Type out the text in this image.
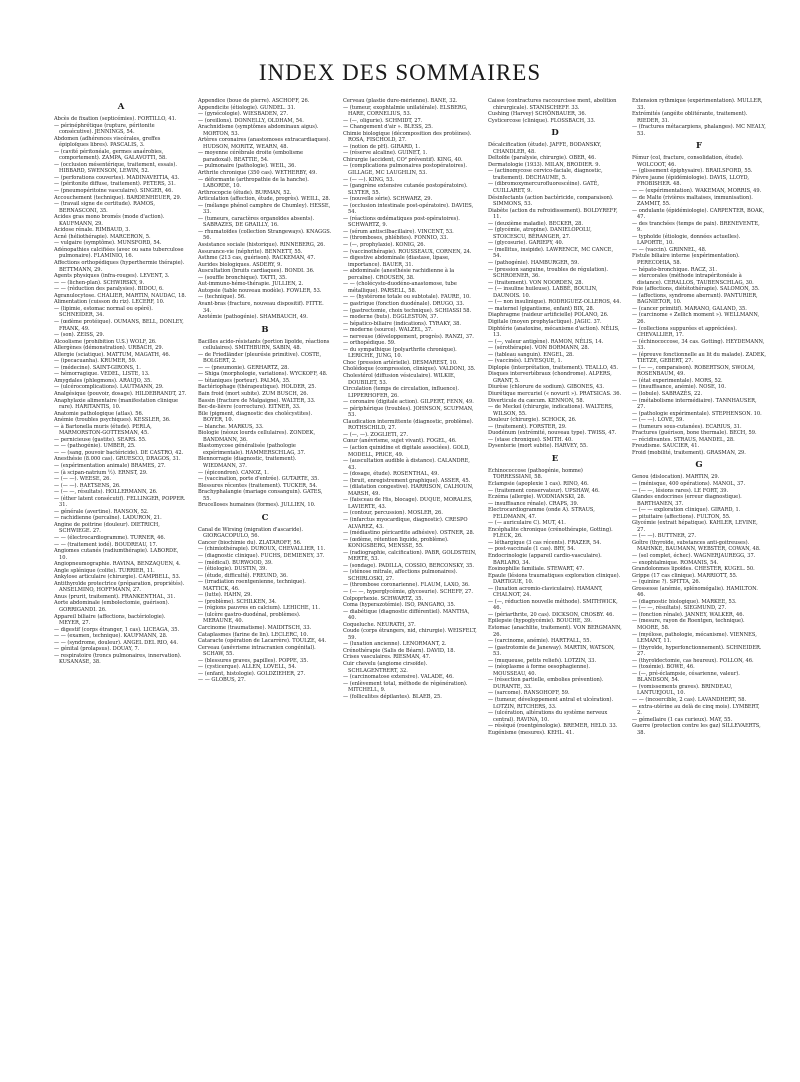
INDEX DES SOMMAIRES
A
Abcès de fixation (septicémies). FORTILLO, 41.
— périnéphrétique (rupture, péritonite consécutive). JENNINGS, 54.
Abdomen (adhérences viscérales, greffes épiploïques libres). PASCALIS, 3.
— (cavité péritonéale, germes anaérobies, comportement). ZAMPA, GALAVOTTI, 58.
— (occlusion mésentérique, traitement, essais). HIBBARD, SWENSON, LEWIN, 52.
— (perforations couvertes). MADINAVEITIA, 43.
— (péritonite diffuse, traitement). PETERS, 31.
— (pneumopéritoine vasculaire). SINGER, 46.
Accouchement (technique). BARDENHEUER, 29.
— (travail signe de certitude). RAMOS, BERNASCONI, 35.
Acides gras mono bromés (mode d'action). KAUFMANN, 29.
Acidose rénale. RIMBAUD, 3.
Acné (héliothérapie). MARCERON, 5.
— vulgaire (symptôme). MUNSFORD, 54.
Adénopathies calcifiées (avec ou sans tuberculose pulmonaire). FLAMINIO, 16.
Affections orthopédiques (hyperthermie thérapie). BETTMANN, 29.
Agents physiques (infra-rouges). LEVENT, 3.
— — (lichen-plan). SCHWIRSKY, 9.
— — (réduction des paralysies). BIDOU, 6.
Agranulocytose. CHALIER, MARTIN, NAUDAC, 18.
Alimentation (cuisson du riz). LECERF, 10.
— (lipimie, estomac normal ou opéré). SCHNEIDER, 34.
— (œdème protéique). OUMANS, BELL, DONLEY, FRANK, 49.
— (son). ZEISS, 29.
Alcoolisme (prohibition U.S.) WOLF, 26.
Allergènes (démonstration). URBACH, 29.
Allergie (sciatique). MATTUM, MAGATH, 46.
— (ipecacuanha). KRUMER, 59.
— (médecine). SAINT-GIRONS, 1.
— hémorragique. VEDEL, LISTE, 13.
Amygdales (phlegmons). ARAUJO, 35.
— (ulcérocomplications). LAUTMANN, 29.
Analgésique (pouvoir, dosage). HILDEBRANDT, 27.
Anaphylaxie alimentaire (manifestation clinique rare). HARITANTIS, 10.
Anatomie pathologique (atlas). 56.
Anémie (troubles psychiques). KESSLER, 36.
— à Bartonella muris (étude). PERLA, MARMORSTON-GOTTESMAN, 45.
— pernicieuse (gastite). SEARS. 55.
— — (pathogénie). UMBER, 25.
— — (sang, pouvoir bactéricide). DE CASTRO, 42.
Anesthésie (8.000 cas). GRUESCO, DRAGOS, 31.
— (expérimentation animale) BRAMES, 27.
— (à scipan-natrium ½). ERNST, 29.
— (— —). WEESE, 26.
— (— —). RAETSENS, 26.
— (— —, résultats). HOLLERMANN, 26.
— (éther latent consécutif). FELLINGER, POPPER. 31.
— générale (avertine). RANSON, 52.
— rachidienne (percaïne). LADURON, 21.
Angine de poitrine (douleur). DIETRICH, SCHWIEGE. 27.
— — (électrocardiogramme). TURNER, 46.
— — (traitement iodé). BOUDREAU, 17.
Angiomes cutanés (radiumthérapie). LABORDE, 10.
Angiopneumographie. RAVINA, BENZAQUEN, 4.
Angle splénique (colite). TURRIER, 11.
Ankylose articulaire (chirurgie). CAMPBELL, 53.
Antithyroïde protectrice (préparation, propriétés). ANSELMINO, HOFFMANN, 27.
Anus (prurit, traitement). FRANKENTHAL, 31.
Aorte abdominale (embolectomie, guérison). GORRIGANDI. 26.
Appareil biliaire (affections, bactériologie). MEYER, 27.
— digestif (corps étranger, 1 cas). LICEAGA, 35.
— — (examen, technique). KAUFMANN, 28.
— — (syndrome, douleur). ANGEL DEL RIO, 44.
— génital (prolapsus). DOUAY, 7.
— respiratoire (troncs pulmonaires, innervation). KUSANASE, 38.
Appendice (boue de pierre). ASCHOFF, 26.
Appendicite (étiologie). GUNDEL. 31.
— (gynécologie). WIESBADEN, 27.
— (oreillons). DONNELLY, OLDHAM, 54.
Arachnidisme (symptômes abdominaux aigus). MORTON, 53.
Artères coronaires (anastomoses extracardiaques). HUDSON, MORITZ, WEARN, 48.
— moyenne cérébrale droite (embolisme paradoxal). BEATTIE, 54.
— pulmonaire (pathologie). WEIL, 36.
Arthrite chronique (350 cas). WETHERBY, 49.
— déformante (arthropathie de la hanche). LABORDE, 10.
Arthrocopcie (étude). BURMAN, 52.
Articulation (affection, étude, progrès). WEILL, 28.
— (mélange phénol camphre de Chumley). HESSE, 33.
— (tumeurs, caractères organoïdes absents). SABRAZES, DE GRAILLY, 16.
— rhumatoïdes (collection Strangeways). KNAGGS. 56.
Assistance sociale (historique). RINNEBERG, 26.
Assurance-vie (néphrite). BENNETT, 55.
Asthme (213 cas, guérison). RACKEMAN, 47.
Aurides biologiques. ASDERY, 9.
Auscultation (bruits cardiaques). BONDI. 36.
— (souffle bronchique). TATTI, 35.
Aut-immuno-hémo-thérapie. JULLIEN, 2.
Autopsie (table nouveau modèle). FOWLER, 53.
— (technique). 56.
Avant-bras (fracture, nouveau dispositif). FITTE. 34.
Azotémie (pathogénie). SHAMBAUCH, 49.
B
Bacilles acido-résistants (portion lipoïde, réactions cellulaires). SMITHBURN, SABIN, 48.
— de Friedländer (pleurésie primitive). COSTE, BOLGERT, 2.
— — (pneumonie). GERHARTZ, 28.
— Shiga (morphologie, variations). WYCKOFF, 48.
— tétaniques (porteur). PALMA, 35.
Bactériophage (thérapeutique). HOLDER, 25.
Bain froid (mort subite). ZUM BUSCH, 26.
Bassin (fracture de Malgaigne). WALTER, 33.
Bec-de-lièvre (correcture). EITNER, 33.
Bile (pigment, diagnostic des cholécystites). BOYER, 10.
— blanche. MARKUS, 33.
Biologie (néoux lourds cellulaires). ZONDEK, BANDMANN, 36.
Blastomycose généralisée (pathologie expérimentale). HAMMERSCHLAG, 37.
Blennorragie (diagnostic, traitement). WIEDMANN, 37.
— (épicondron). CANOZ, 1.
— (vaccination, porte d'entrée). GUTARTE, 35.
Blessures récentes (traitement). TUCKER, 54.
Brachyphalangie (mariage consanguin). GATES, 55.
Brucelloses humaines (formes). JULLIEN, 10.
C
Canal de Wirsing (migration d'ascaride). GIORGACOPULO, 56.
Cancer (biochimie du). ZLATAROFF, 56.
— (chimiothérapie). DUROUX, CHEVALLIER, 11.
— (diagnostic clinique). FUCHS, DEMIENEY, 37.
— (médical). BURWOOD, 39.
— (étiologie). DUSTIN, 39.
— (étude, difficulté). FREUND, 36.
— (irradiation roentgenienne, technique). MATTICK, 46.
— (lutte). HAHN, 29.
— (problème). SCHILKEN, 34.
— (régions pauvres en calcium). LEHICHE, 11.
— (ulcère gastro-duodénal, problèmes). MERAUNE, 40.
Carcinome (traumatisme). MAIDITSCH, 33.
Cataplasmes (farine de lin). LECLERC, 10.
Cataracte (opération de Lacarrère). TOULZE, 44.
Cerveau (anévrisme intracranien congénital). SCHAW, 55.
— (blessures graves, papilles). POPPE, 35.
— (cysticerque). ALLEN, LOVELL, 54.
— (enfant, histologie). GOLDZIEHER, 27.
— — GLOBUS, 27.
Cerveau (plastie dure-mérienne). BANE, 32.
— (tumeur, exophtalmie unilatérale). ELSBERG, HARE, CORNELIUS, 53.
— (—, oligurie). SCHMIDT, 27.
— Changement d'air ». BLESS, 25.
Chimie biologique (décomposition des protéines). ROSA, FISCHOLD, 27.
— (notion de pH). GIRARD, 1.
— (réserve alcaline). GUINET, 1.
Chirurgie (accident, CO² préventif). KING, 40.
— (complications pulmonaires postopératoires). GILLAGE, MC LAUGHLIN, 53.
— (— —). KING, 53.
— (gangrène extensive cutanée postopératoire). SLYTER, 55.
— (nouvelle série). SCHWARZ, 29.
— (occlusion intestinale post-opératoire). DAVIES, 54.
— (réactions œdématiques post-opératoires). SCHWARTZ, 9.
— (sérum antiscilbacillaire). VINCENT, 53.
— (thromboses, phlébites). FONNIO, 33.
— (—, prophylaxie). KONIG, 26.
— (vaccinothérapie). ROUSSEAUX, CORNEN, 24.
— digestive abdominale (diastase, lipase, importance). BAUER, 31.
— abdominale (anesthésie rachidienne à la percaïne). CROUSEN, 38.
— — (cholécysto-duodéno-anastomose, tube métallique). PARSELL, 58.
— — (hystérome totale ou subtotale). FAURE, 10.
— gastrique (fonction duodénale). DRUGO, 33.
— (gastrectomie, choix technique). SCHIASSI 58.
— moderne (buts). EGGLESTON, 37.
— hépatico-biliaire (indications). TYRAKY, 38.
— moderne (source). WALZEL, 37.
— nerveuse (développement, progrès). RANZI, 37.
— orthopédique. 59.
— du sympathique (polyarthrite chronique). LERICHE, JUNG, 10.
Choc (pression artérielle). DESMAREST, 10.
Cholédoque (compression, clinique). VALDONI, 35.
Cholestérol (diffusion vésiculaire). WILKIE, DOUBILET, 53.
Circulation (temps de circulation, influence). LIPPERHOFER, 26.
— coronaire (digitale action). GILPERT, FENN, 49.
— périphérique (troubles). JOHNSON, SCUFMAN, 53.
Claudication intermittente (diagnostic, problème). ROTHSCHILD, 27.
— (—, —). ZOGLIETI, 27.
Cœur (anévrisme, sujet vivant). FOGEL, 46.
— (action quinidine et digitale associées). GOLD, MODELL, PRICE, 49.
— (auscultation audible à distance). CALANDRE, 43.
— (dosage, étude). ROSENTHAL, 49.
— (bruit, enregistrement graphique). ASSER, 45.
— (dilatation congestive). HARRISON, CALHOUN, MARSH, 49.
— (faisceau de His, blocage). DUQUE, MORALES, LAVIERTE, 43.
— (contour, percussion). MOSLER, 26.
— (infarctus myocardique, diagnostic). CRESPO ALVAREZ, 43.
— (médiastino péricardite adhésive). OSTNER, 28.
— (œdème, rétention liquide, problème). KONIGSBERG, MENSSE, 55.
— (radiographie, calcification). PABR, GOLDSTEIN, MERTE, 53.
— (sondage). PADILLA, COSSIO, BERCONSKY, 35.
— (sténose mitrale, affections pulmonaires). SCHIRLOSKI, 27.
— (thrombose coronarienne). FLAUM, LAXO, 36.
— (— —, hyperglycémie, glycosurie). SCHEFF, 27.
Colpoprhexie. SCHWARTZ, 35.
Coma (hyperazotémie). ISO, PANGARO, 35.
— diabétique (diagnostic différentiel). MANTHA, 40.
Coqueluche. NEURATH, 37.
Coude (corps étrangers, nid, chirurgie). WEISFELT, 59.
— (luxation ancienne). LENORMANT, 2.
Crénothérapie (Salis de Béarn). DAVID, 18.
Crises vasculaires. RIESMAN, 47.
Cuir chevelu (angiome cirsoïde). SCHLAGENTRERT, 32.
— (carcinomatose extensive). VALADE, 46.
— (enlèvement total, méthode de régénération). MITCHELL, 9.
— (folliculites dépilantes). BLAEB, 25.
Caisse (contractures raccourcisse ment, abolition chirurgicale). STANISCHEFF. 33.
Cushing (Harvey) SCHÖNBAUER, 36.
Cysticercose (clinique). FLOSSBACH, 33.
D
Décalcification (étude). JAFFE, BODANSKY, CHANDLER, 48.
Deltoïde (paralysie, chirurgie). OBER, 46.
Dermatologie (1933). MILAN, BRODIER. 9.
— (actinomycose cervico-faciale, diagnostic, traitement). DECHAUME, 5.
— (dibromoxymercurofluorescéine). GATÉ, CUILLARET, 9.
Désinfectants (action bactéricide, comparaison). SIMMONS, 53.
Diabète (action du refroidissement). BOLDYREFF, 11.
— (deuxième maladie). BECKER, 28.
— (glycémie, atropine). DANIELOPOLU, STOICESCU, BÉRANGER, 27.
— (glycosurie). GARIEPY, 40.
— (mellitus, insipide). LAWRENCE, MC CANCE, 54.
— (pathogénie). HAMBURGER, 59.
— (pression sanguine, troubles de régulation). SCHROENER, 36.
— (traitement). VON NOORDEN, 28.
— (— insuline huileuse). LABBÉ, BOULIN, DAUNOIS. 10.
— (— non insulinique). RODRIGUEZ-OLLEROS, 44.
— maternel (gigantisme, enfant) BIX, 28.
Diaphragme (raideur artificielle) POLANO, 26.
Digitale (moyen prophylactique). JAGIC. 37.
Diphtérie (anatoxine, mécanisme d'action). NÉLIS, 13.
— (—, valeur antigène). RAMON, NÉLIS, 14.
— (sérothérapie). VON BORMANN, 28.
— (tableau sanguin). ENGEL, 28.
— (vaccinés). LEVESQUE, 1.
Diplopie (interprétation, traitement). TEALLO, 45.
Disques intervertébraux (chondrome). ALPERS, GRANT, 5.
Diurèse (chlorure de sodium). GIBONES, 43.
Diurétique mercuriel (« novurit »). PRATSICAS. 36.
Diverticule du cæcum. KENNON, 58.
— de Meckel (chirurgie, indications). WALTERS, WILSON, 55.
Douleur (chirurgie). SCHOCK, 26.
— (traitement). FORSTER, 29.
Duodénum (extrémité, nouveau type). TWISS, 47.
— (stase chronique). SMITH. 40.
Dysenterie (mort subite). HARVEY, 55.
E
Echinococcose (pathogénie, homme) TORRESSIANI, 58.
Eclampsie (apoplexie 1 cas). RINO, 46.
— (traitement conservateur). UPSHAW, 46.
Eczéma (allergie). WODNIANSKI, 28.
— insuffisance rénale). CRAPS, 39.
Electrocardiogramme (onde A). STRAUS, FELDMANN, 47.
— (— auriculaire C). MUT, 41.
Encéphalite chronique (crénothérapie, Gotting). FLECK, 26.
— léthargique (3 cas récents). FRAZER, 54.
— post-vaccinale (1 cas). BRY, 54.
Endocrinologie (appareil cardio-vasculaire). BARLARO, 34.
Eosinophilie familiale. STEWART, 47.
Epaule (lésions traumatiques exploration clinique). DARTIGUE, 10.
— (luxation acromio-claviculaire). HAMANT, CHALNOT, 24.
— (—, réduction nouvelle méthode). SMITHWICK, 46.
— (périarthrite, 20 cas). DICKSON, CROSBY. 46.
Epilepsie (hypoglycémie). BOUCHE, 39.
Estomac (anachlite, traitement). VON BERGMANN, 26.
— (carcinome, anémie). HARTFALL, 55.
— (gastrotomie de Janeway). MARTIN, WATSON, 53.
— (muqueuse, petits reliefs). LOTZIN, 33.
— (néoplasme à forme oesophagienne). MOUSSEAU, 40.
— (résection partielle, embolies prévention). DURANTE, 33.
— (sarcome). RANSOHOFF, 59.
— (tumeur, développement antral et ulcération). LOTZIN, RITCHERS, 33.
— (ulcération, altérations du système nerveux central). RAVINA, 10.
— résèqué (roentgénologie). BREMER, HELD. 33.
Eugénisme (mesures). KEHL. 41.
Extension rythmique (expérimentation). MULLER, 33.
Extrémités (angéite oblitérante, traitement). RIEDER, 31.
— (fractures métacarpiens, phalanges). MC NEALY, 53.
F
Fémur (col, fracture, consolidation, étude). WOLCOOT, 46.
— (glissement épiphysaire). BRAILSFORD, 55.
Fièvre jaune (épidémiologie). DAVIS, LLOYD, FROBISHER. 48.
— — (expérimentation). WAKEMAN, MORRIS, 49.
— de Malte (rivières maltaises, immunisation). ZAMMIT, 55.
— ondulante (épidémiologie). CARPENTER, BOAK, 47.
— des tranchées (temps de paix). BRENEVENTE, 9.
— typhoïde (étiologie, données actuelles). LAPORTE, 10.
— — (vaccin). GRINNEL, 48.
Fistule biliaire interne (expérimentation). PERECOHIA, 58.
— hépato-bronchique. RACZ, 31.
— stercorales (méthode intrapéritonéale à distance). CERALLOS, TAUBENSCHLAG, 30.
Foie (affections, diététothérapie). SALOMON, 35.
— (affections, syndrome aberrant). PANTURIER, BAGNIETOR, 10.
— (cancer primitif). MARANO, GALAND, 35.
— (carcinome « Zellich moment »). WELLMANN, 26.
— (collections suppurées et appréciées). CHEVALLIER, 17.
— (échinococcose, 34 cas. Gotting). HEYDEMANN, 33.
— (épreuve fonctionnelle au lit du malade). ZADEK, TIETZE, GEBERT, 27.
— (— —, comparaison). ROBERTSON, SWOLM, ROSENBAUM, 49.
— (état experimentale). MORS, 52.
— (insuffisance, anémie). NOSE, 10.
— (lobule). SABRAZÈS, 22.
— (métabolisme intermédiaire). TANNHAUSER, 27.
— (pathologie expérimentale). STEPHENSON. 10.
— (— —). LOVE, 59.
— (tumeurs sous-cutanées). ECARIUS, 31.
Fractures (guérison, bone thermale). BECH, 59.
— récidivantes. STRAUS, MANDEL, 28.
Freudisme. SAUCIER, 41.
Froid (mobilité, traitement). GRASMAN, 29.
G
Genou (dislocation). MARTIN, 29.
— (ménisque, 400 opérations). MANOL, 37.
— (— —, lésions rares). LE FORT, 39.
Glandes endocrines (erreur diagnostique). BARTHANEN, 37.
— (— — exploration clinique). GIRARD, 1.
— pituitaire (affections). FULTON, 55.
Glycémie (extrait hépatique). KAHLER, LEVINE, 27.
— (— —). BUTTNER, 27.
Goître (thyroïde, substances anti-goitreuses). MAHNKE, BAUMANN, WEBSTER, COWAN, 48.
— (sel complet, échec). WAGNERJAUREGG, 37.
— exophtalmique. ROMANIS, 54.
Grandolonmes lipoïdes. CHESTER, KUGEL. 50.
Grippe (17 cas clinique). MARRIOTT, 55.
— (quinine ?). SPITTA, 26.
Grossesse (anémie, splénomégalie). HAMILTON. 46.
— (diagnostic biologique). MARKEE, 53.
— (— —, résultats). SIEGMUND, 27.
— (fonction rénale). JANNEY, WALKER, 46.
— (mesure, rayon de Roentgen, technique). MOORE, 58.
— (myélose, pathologie, mécanisme). VIENNES, LEMANT, 11.
— (thyroïde, hyperfonctionnement). SCHNEIDER. 27.
— (thyroïdectomie, cas heureux). FOLLON, 46.
— (toxémie). BOWE, 46.
— (—, pré-éclampsie, césarienne, valeur). BLANDSON, 54.
— (vomissements graves). BRINDEAU, LANTUEJOUL, 10.
— — (incoercible, 2 cas). LAVANDHERT, 58.
— extra-utérine au delà de cinq mois). LYMBERT, 2.
— gémellaire (1 cas curieux). MAY, 55.
Guerre (protection contre les gaz) SILLEVAERTS, 38.
